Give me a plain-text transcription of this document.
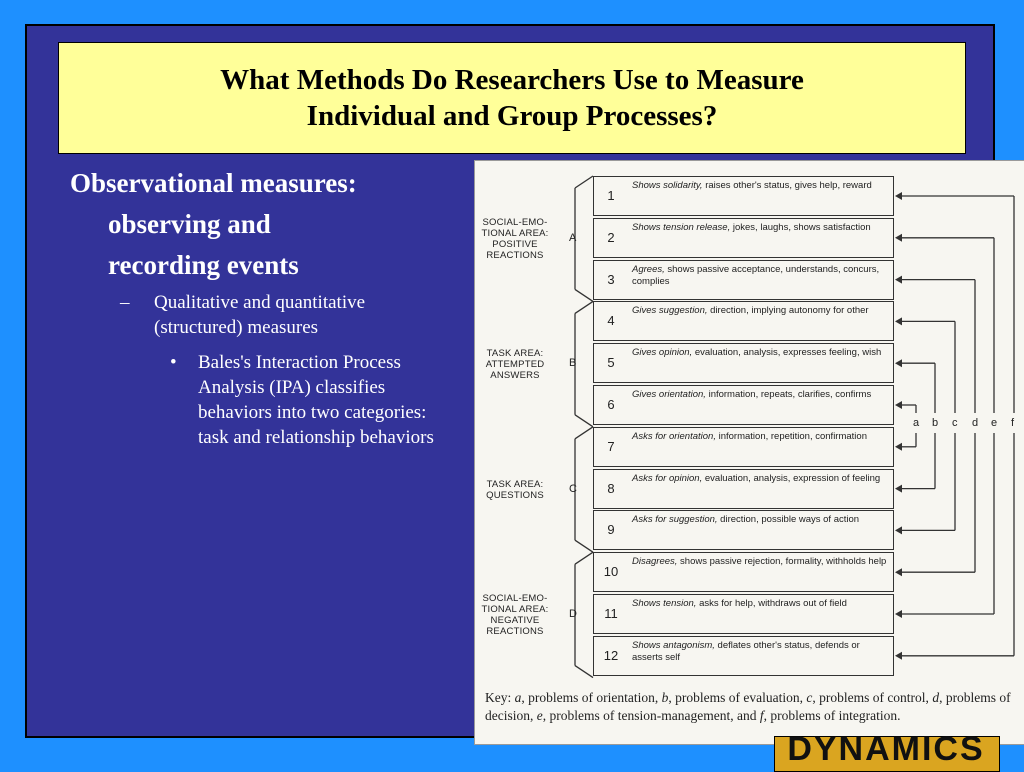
What Methods Do Researchers Use to Measure
Individual and Group Processes?

Observational measures:
observing and
recording events

– Qualitative and quantitative (structured) measures
• Bales's Interaction Process Analysis (IPA) classifies behaviors into two categories: task and relationship behaviors
SOCIAL-EMO-
TIONAL AREA:
POSITIVE
REACTIONS
A
TASK AREA:
ATTEMPTED
ANSWERS
B
TASK AREA:
QUESTIONS
C
SOCIAL-EMO-
TIONAL AREA:
NEGATIVE
REACTIONS
D
1
Shows solidarity, raises other's status, gives help, reward
2
Shows tension release, jokes, laughs, shows satisfaction
3
Agrees, shows passive acceptance, understands, concurs, complies
4
Gives suggestion, direction, implying autonomy for other
5
Gives opinion, evaluation, analysis, expresses feeling, wish
6
Gives orientation, information, repeats, clarifies, confirms
7
Asks for orientation, information, repetition, confirmation
8
Asks for opinion, evaluation, analysis, expression of feeling
9
Asks for suggestion, direction, possible ways of action
10
Disagrees, shows passive rejection, formality, withholds help
11
Shows tension, asks for help, withdraws out of field
12
Shows antagonism, deflates other's status, defends or asserts self
a b c d e f
Key: a, problems of orientation, b, problems of evaluation, c, problems of control, d, problems of decision, e, problems of tension-management, and f, problems of integration.
DYNAMICS
